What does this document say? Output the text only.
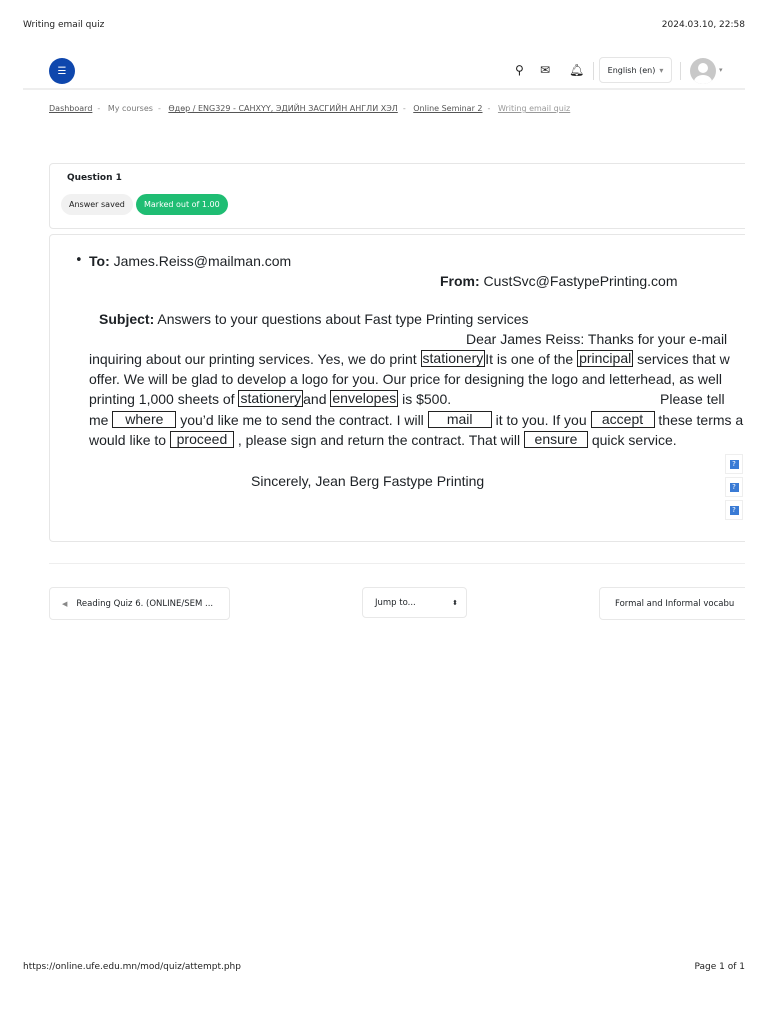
Writing email quiz	2024.03.10, 22:58
☰	⚲ ✉ 🔔︎	English (en) ▾	▾
Dashboard - My courses - Өдөр / ENG329 - САНХҮҮ, ЭДИЙН ЗАСГИЙН АНГЛИ ХЭЛ - Online Seminar 2 - Writing email quiz
Question 1
Answer saved	Marked out of 1.00
• To: James.Reiss@mailman.com
From: CustSvc@FastypePrinting.com
Subject: Answers to your questions about Fast type Printing services
Dear James Reiss: Thanks for your e-mail
inquiring about our printing services. Yes, we do print stationery It is one of the principal services that w
offer. We will be glad to develop a logo for you. Our price for designing the logo and letterhead, as well
printing 1,000 sheets of stationery and envelopes is $500.	Please tell
me where you’d like me to send the contract. I will mail it to you. If you accept these terms a
would like to proceed , please sign and return the contract. That will ensure quick service.
Sincerely, Jean Berg Fastype Printing
?
?
?
◀ Reading Quiz 6. (ONLINE/SEM ...	Jump to...	⬍	Formal and Informal vocabu
https://online.ufe.edu.mn/mod/quiz/attempt.php	Page 1 of 1
